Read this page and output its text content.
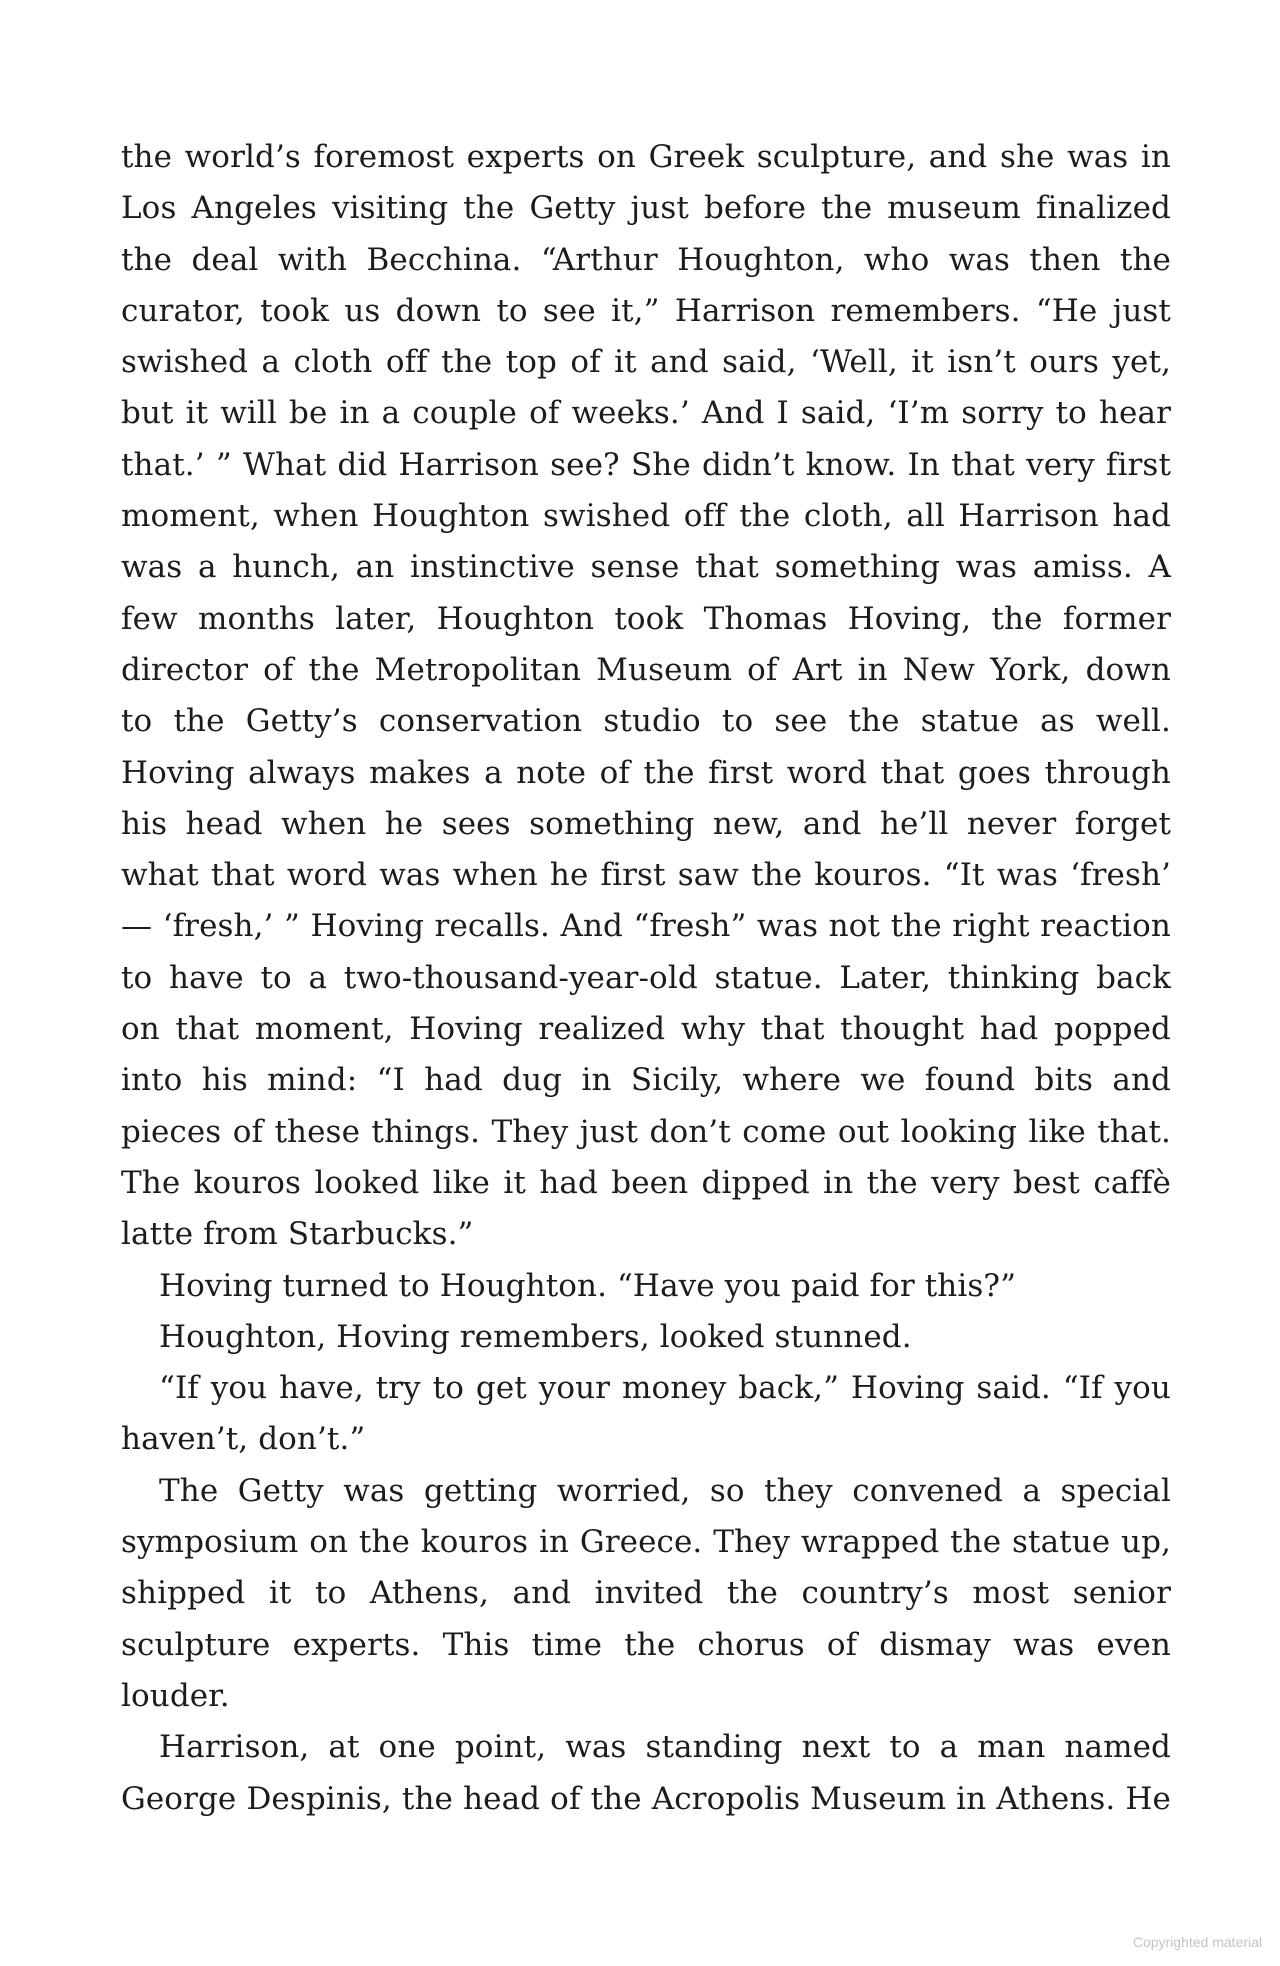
the world’s foremost experts on Greek sculpture, and she was in
Los Angeles visiting the Getty just before the museum finalized
the deal with Becchina. “Arthur Houghton, who was then the
curator, took us down to see it,” Harrison remembers. “He just
swished a cloth off the top of it and said, ‘Well, it isn’t ours yet,
but it will be in a couple of weeks.’ And I said, ‘I’m sorry to hear
that.’ ” What did Harrison see? She didn’t know. In that very first
moment, when Houghton swished off the cloth, all Harrison had
was a hunch, an instinctive sense that something was amiss. A
few months later, Houghton took Thomas Hoving, the former
director of the Metropolitan Museum of Art in New York, down
to the Getty’s conservation studio to see the statue as well.
Hoving always makes a note of the first word that goes through
his head when he sees something new, and he’ll never forget
what that word was when he first saw the kouros. “It was ‘fresh’
— ‘fresh,’ ” Hoving recalls. And “fresh” was not the right reaction
to have to a two-thousand-year-old statue. Later, thinking back
on that moment, Hoving realized why that thought had popped
into his mind: “I had dug in Sicily, where we found bits and
pieces of these things. They just don’t come out looking like that.
The kouros looked like it had been dipped in the very best caffè
latte from Starbucks.”
Hoving turned to Houghton. “Have you paid for this?”
Houghton, Hoving remembers, looked stunned.
“If you have, try to get your money back,” Hoving said. “If you
haven’t, don’t.”
The Getty was getting worried, so they convened a special
symposium on the kouros in Greece. They wrapped the statue up,
shipped it to Athens, and invited the country’s most senior
sculpture experts. This time the chorus of dismay was even
louder.
Harrison, at one point, was standing next to a man named
George Despinis, the head of the Acropolis Museum in Athens. He
Copyrighted material
